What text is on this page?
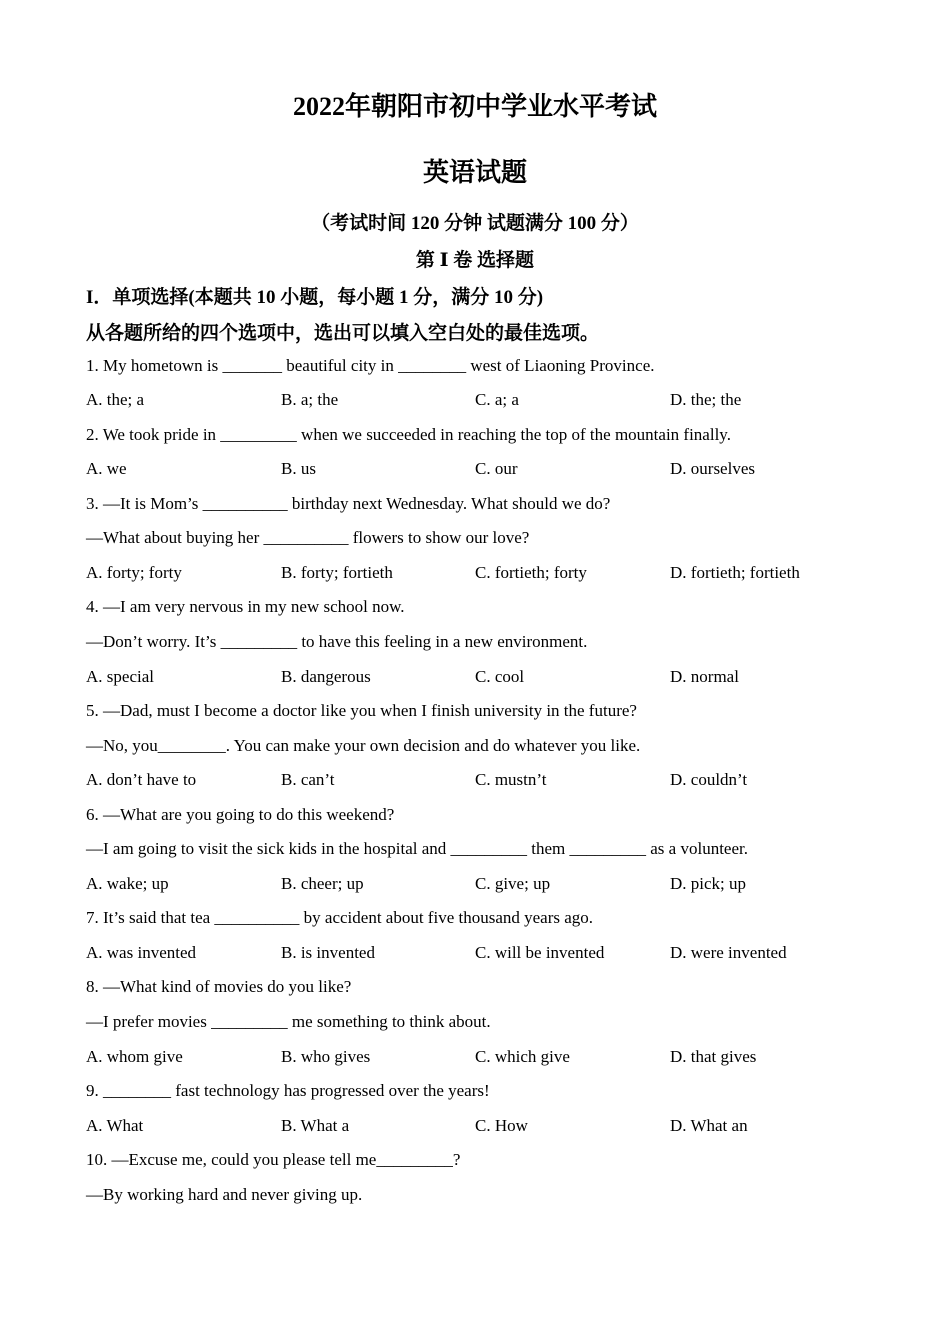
2022年朝阳市初中学业水平考试
英语试题
（考试时间 120 分钟 试题满分 100 分）
第 Ⅰ 卷 选择题
I．单项选择(本题共 10 小题，每小题 1 分，满分 10 分)
从各题所给的四个选项中，选出可以填入空白处的最佳选项。
1. My hometown is _______ beautiful city in ________ west of Liaoning Province.
A. the; a	B. a; the	C. a; a	D. the; the
2. We took pride in _________ when we succeeded in reaching the top of the mountain finally.
A. we	B. us	C. our	D. ourselves
3. —It is Mom’s __________ birthday next Wednesday. What should we do?
—What about buying her __________ flowers to show our love?
A. forty; forty	B. forty; fortieth	C. fortieth; forty	D. fortieth; fortieth
4. —I am very nervous in my new school now.
—Don’t worry. It’s _________ to have this feeling in a new environment.
A. special	B. dangerous	C. cool	D. normal
5. —Dad, must I become a doctor like you when I finish university in the future?
—No, you________. You can make your own decision and do whatever you like.
A. don’t have to	B. can’t	C. mustn’t	D. couldn’t
6. —What are you going to do this weekend?
—I am going to visit the sick kids in the hospital and _________ them _________ as a volunteer.
A. wake; up	B. cheer; up	C. give; up	D. pick; up
7. It’s said that tea __________ by accident about five thousand years ago.
A. was invented	B. is invented	C. will be invented	D. were invented
8. —What kind of movies do you like?
—I prefer movies _________ me something to think about.
A. whom give	B. who gives	C. which give	D. that gives
9. ________ fast technology has progressed over the years!
A. What	B. What a	C. How	D. What an
10. —Excuse me, could you please tell me_________?
—By working hard and never giving up.
